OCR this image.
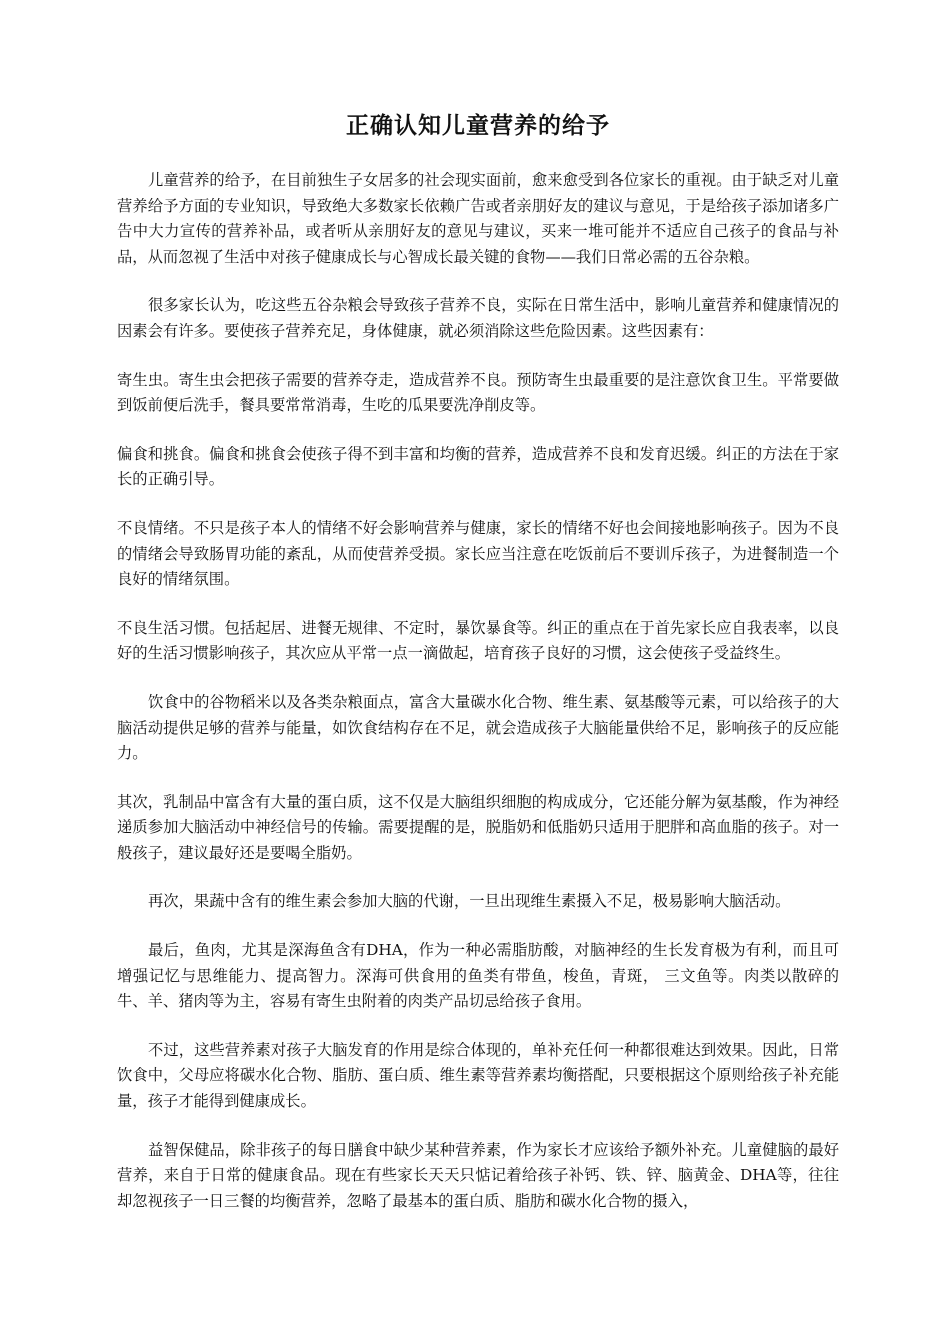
正确认知儿童营养的给予

儿童营养的给予，在目前独生子女居多的社会现实面前，愈来愈受到各位家长的重视。由于缺乏对儿童营养给予方面的专业知识，导致绝大多数家长依赖广告或者亲朋好友的建议与意见，于是给孩子添加诸多广告中大力宣传的营养补品，或者听从亲朋好友的意见与建议，买来一堆可能并不适应自己孩子的食品与补品，从而忽视了生活中对孩子健康成长与心智成长最关键的食物——我们日常必需的五谷杂粮。

很多家长认为，吃这些五谷杂粮会导致孩子营养不良，实际在日常生活中，影响儿童营养和健康情况的因素会有许多。要使孩子营养充足，身体健康，就必须消除这些危险因素。这些因素有：

寄生虫。寄生虫会把孩子需要的营养夺走，造成营养不良。预防寄生虫最重要的是注意饮食卫生。平常要做到饭前便后洗手，餐具要常常消毒，生吃的瓜果要洗净削皮等。

偏食和挑食。偏食和挑食会使孩子得不到丰富和均衡的营养，造成营养不良和发育迟缓。纠正的方法在于家长的正确引导。

不良情绪。不只是孩子本人的情绪不好会影响营养与健康，家长的情绪不好也会间接地影响孩子。因为不良的情绪会导致肠胃功能的紊乱，从而使营养受损。家长应当注意在吃饭前后不要训斥孩子，为进餐制造一个良好的情绪氛围。

不良生活习惯。包括起居、进餐无规律、不定时，暴饮暴食等。纠正的重点在于首先家长应自我表率，以良好的生活习惯影响孩子，其次应从平常一点一滴做起，培育孩子良好的习惯，这会使孩子受益终生。

饮食中的谷物稻米以及各类杂粮面点，富含大量碳水化合物、维生素、氨基酸等元素，可以给孩子的大脑活动提供足够的营养与能量，如饮食结构存在不足，就会造成孩子大脑能量供给不足，影响孩子的反应能力。

其次，乳制品中富含有大量的蛋白质，这不仅是大脑组织细胞的构成成分，它还能分解为氨基酸，作为神经递质参加大脑活动中神经信号的传输。需要提醒的是，脱脂奶和低脂奶只适用于肥胖和高血脂的孩子。对一般孩子，建议最好还是要喝全脂奶。

再次，果蔬中含有的维生素会参加大脑的代谢，一旦出现维生素摄入不足，极易影响大脑活动。

最后，鱼肉，尤其是深海鱼含有DHA，作为一种必需脂肪酸，对脑神经的生长发育极为有利，而且可增强记忆与思维能力、提高智力。深海可供食用的鱼类有带鱼，梭鱼，青斑， 三文鱼等。肉类以散碎的牛、羊、猪肉等为主，容易有寄生虫附着的肉类产品切忌给孩子食用。

不过，这些营养素对孩子大脑发育的作用是综合体现的，单补充任何一种都很难达到效果。因此，日常饮食中，父母应将碳水化合物、脂肪、蛋白质、维生素等营养素均衡搭配，只要根据这个原则给孩子补充能量，孩子才能得到健康成长。

益智保健品，除非孩子的每日膳食中缺少某种营养素，作为家长才应该给予额外补充。儿童健脑的最好营养，来自于日常的健康食品。现在有些家长天天只惦记着给孩子补钙、铁、锌、脑黄金、DHA等，往往却忽视孩子一日三餐的均衡营养，忽略了最基本的蛋白质、脂肪和碳水化合物的摄入，
